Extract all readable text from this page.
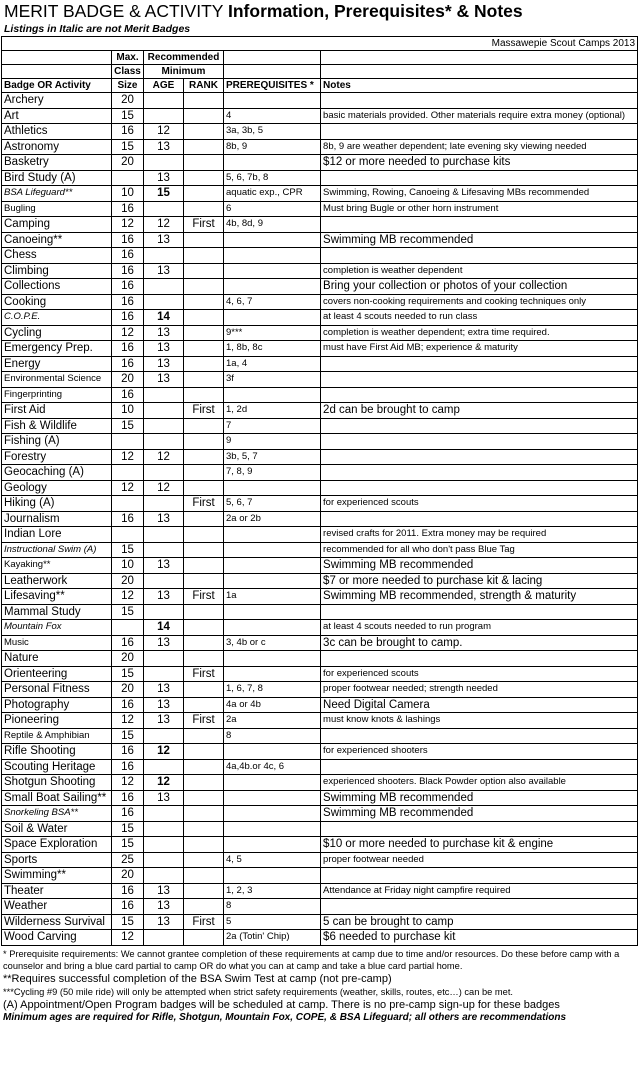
MERIT BADGE & ACTIVITY Information, Prerequisites* & Notes
Listings in Italic are not Merit Badges
					Massawepie Scout Camps 2013
	Max.	Recommended			
	Class	Minimum			
Badge OR Activity	Size	AGE	RANK	PREREQUISITES *	Notes
Archery	20				
Art	15			4	basic materials provided. Other materials require extra money (optional)
Athletics	16	12		3a, 3b, 5	
Astronomy	15	13		8b, 9	8b, 9 are weather dependent; late evening sky viewing needed
Basketry	20				$12 or more needed to purchase kits
Bird Study (A)		13		5, 6, 7b, 8	
BSA Lifeguard**	10	15		aquatic exp., CPR	Swimming, Rowing, Canoeing & Lifesaving MBs recommended
Bugling	16			6	Must bring Bugle or other horn instrument
Camping	12	12	First	4b, 8d, 9	
Canoeing**	16	13			Swimming MB recommended
Chess	16				
Climbing	16	13			completion is weather dependent
Collections	16				Bring your collection or photos of your collection
Cooking	16			4, 6, 7	covers non-cooking requirements and cooking techniques only
C.O.P.E.	16	14			at least 4 scouts needed to run class
Cycling	12	13		9***	completion is weather dependent; extra time required.
Emergency Prep.	16	13		1, 8b, 8c	must have First Aid MB; experience & maturity
Energy	16	13		1a, 4	
Environmental Science	20	13		3f	
Fingerprinting	16				
First Aid	10		First	1, 2d	2d can be brought to camp
Fish & Wildlife	15			7	
Fishing (A)				9	
Forestry	12	12		3b, 5, 7	
Geocaching (A)				7, 8, 9	
Geology	12	12			
Hiking (A)			First	5, 6, 7	for experienced scouts
Journalism	16	13		2a or 2b	
Indian Lore					revised crafts for 2011. Extra money may be required
Instructional Swim (A)	15				recommended for all who don't pass Blue Tag
Kayaking**	10	13			Swimming MB recommended
Leatherwork	20				$7 or more needed to purchase kit & lacing
Lifesaving**	12	13	First	1a	Swimming MB recommended, strength & maturity
Mammal Study	15				
Mountain Fox		14			at least 4 scouts needed to run program
Music	16	13		3, 4b or c	3c can be brought to camp.
Nature	20				
Orienteering	15		First		for experienced scouts
Personal Fitness	20	13		1, 6, 7, 8	proper footwear needed; strength needed
Photography	16	13		4a or 4b	Need Digital Camera
Pioneering	12	13	First	2a	must know knots & lashings
Reptile & Amphibian	15			8	
Rifle Shooting	16	12			for experienced shooters
Scouting Heritage	16			4a,4b.or 4c, 6	
Shotgun Shooting	12	12			experienced shooters. Black Powder option also available
Small Boat Sailing**	16	13			Swimming MB recommended
Snorkeling BSA**	16				Swimming MB recommended
Soil & Water	15				
Space Exploration	15				$10 or more needed to purchase kit & engine
Sports	25			4, 5	proper footwear needed
Swimming**	20				
Theater	16	13		1, 2, 3	Attendance at Friday night campfire required
Weather	16	13		8	
Wilderness Survival	15	13	First	5	5 can be brought to camp
Wood Carving	12			2a (Totin' Chip)	$6 needed to purchase kit
* Prerequisite requirements: We cannot grantee completion of these requirements at camp due to time and/or resources. Do these before camp with a counselor and bring a blue card partial to camp OR do what you can at camp and take a blue card partial home.
**Requires successful completion of the BSA Swim Test at camp (not pre-camp)
***Cycling #9 (50 mile ride) will only be attempted when strict safety requirements (weather, skills, routes, etc…) can be met.
(A) Appointment/Open Program badges will be scheduled at camp. There is no pre-camp sign-up for these badges
Minimum ages are required for Rifle, Shotgun, Mountain Fox, COPE, & BSA Lifeguard; all others are recommendations
